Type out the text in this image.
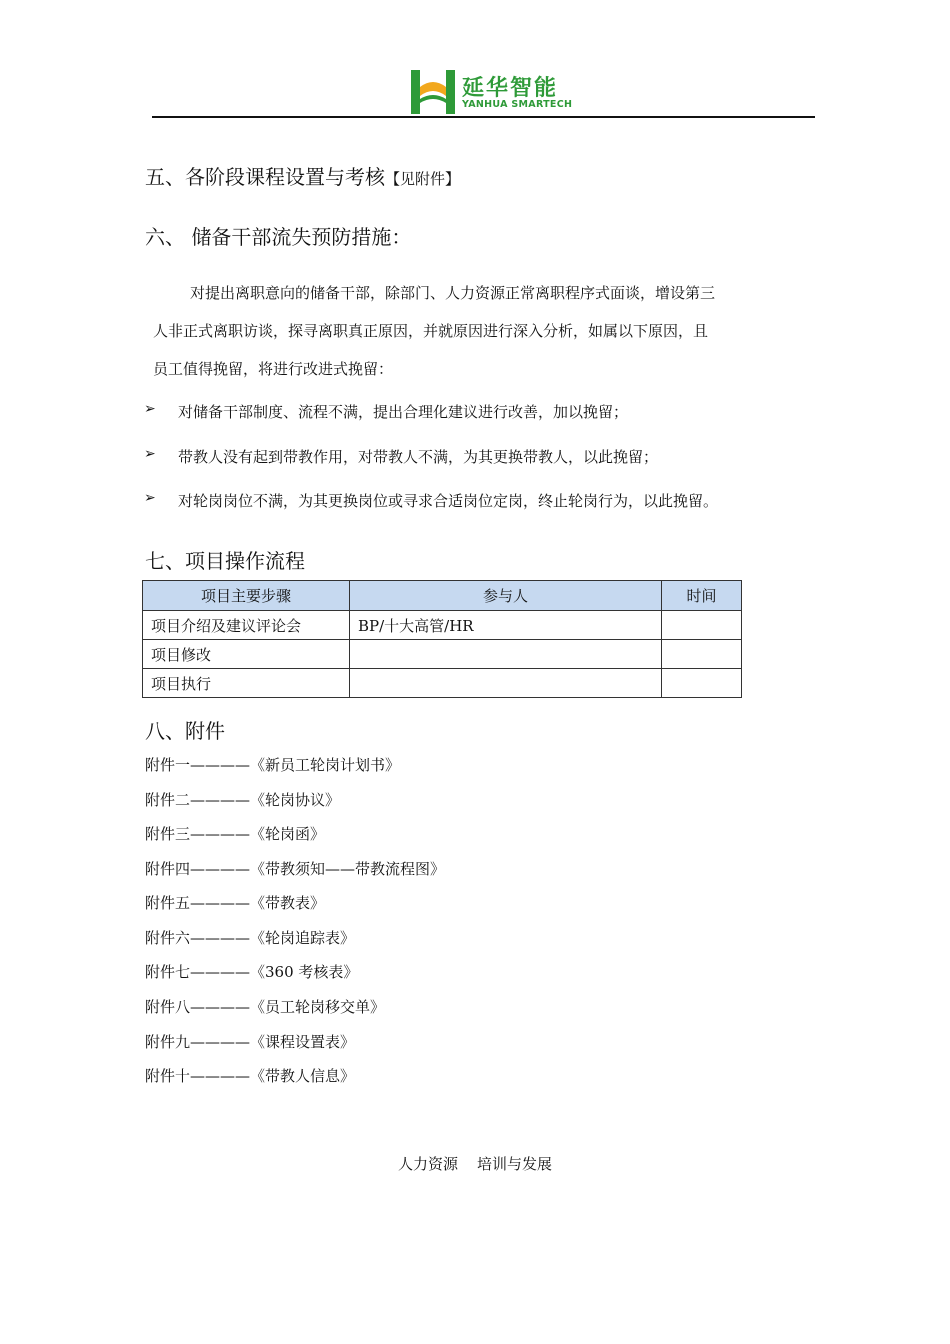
延华智能
YANHUA SMARTECH
五、各阶段课程设置与考核【见附件】
六、 储备干部流失预防措施：
对提出离职意向的储备干部，除部门、人力资源正常离职程序式面谈，增设第三
人非正式离职访谈，探寻离职真正原因，并就原因进行深入分析，如属以下原因，且
员工值得挽留，将进行改进式挽留：
➢ 对储备干部制度、流程不满，提出合理化建议进行改善，加以挽留；
➢ 带教人没有起到带教作用，对带教人不满，为其更换带教人，以此挽留；
➢ 对轮岗岗位不满，为其更换岗位或寻求合适岗位定岗，终止轮岗行为，以此挽留。
七、项目操作流程
项目主要步骤	参与人	时间
项目介绍及建议评论会	BP/十大高管/HR	
项目修改		
项目执行		
八、附件
附件一————《新员工轮岗计划书》
附件二————《轮岗协议》
附件三————《轮岗函》
附件四————《带教须知——带教流程图》
附件五————《带教表》
附件六————《轮岗追踪表》
附件七————《360 考核表》
附件八————《员工轮岗移交单》
附件九————《课程设置表》
附件十————《带教人信息》
人力资源    培训与发展
